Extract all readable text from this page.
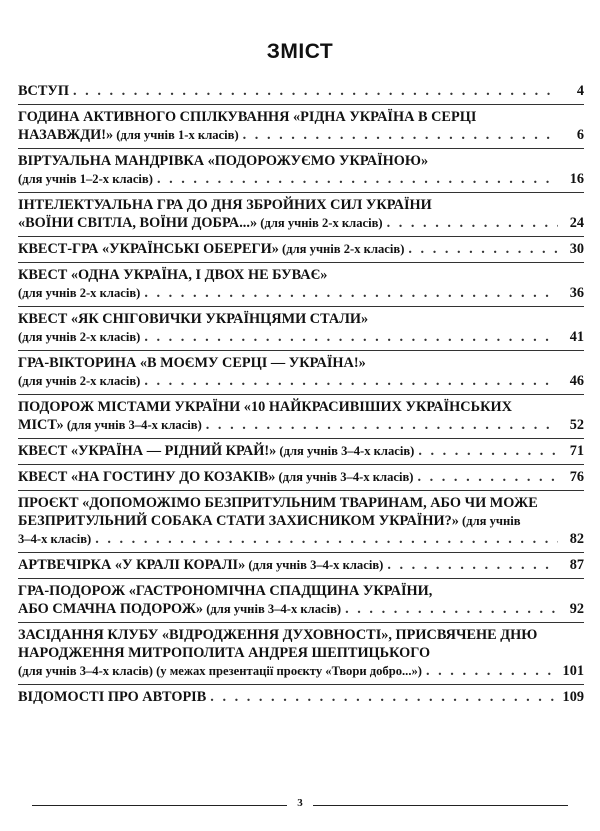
ЗМІСТ
ВСТУП . . .	4
ГОДИНА АКТИВНОГО СПІЛКУВАННЯ «РІДНА УКРАЇНА В СЕРЦІ
НАЗАВЖДИ!» (для учнів 1-х класів) . . .	6
ВІРТУАЛЬНА МАНДРІВКА «ПОДОРОЖУЄМО УКРАЇНОЮ»
(для учнів 1–2-х класів) . . .	16
ІНТЕЛЕКТУАЛЬНА ГРА ДО ДНЯ ЗБРОЙНИХ СИЛ УКРАЇНИ
«ВОЇНИ СВІТЛА, ВОЇНИ ДОБРА...» (для учнів 2-х класів) . . .	24
КВЕСТ-ГРА «УКРАЇНСЬКІ ОБЕРЕГИ» (для учнів 2-х класів) . . .	30
КВЕСТ «ОДНА УКРАЇНА, І ДВОХ НЕ БУВАЄ»
(для учнів 2-х класів) . . .	36
КВЕСТ «ЯК СНІГОВИЧКИ УКРАЇНЦЯМИ СТАЛИ»
(для учнів 2-х класів) . . .	41
ГРА-ВІКТОРИНА «В МОЄМУ СЕРЦІ — УКРАЇНА!»
(для учнів 2-х класів) . . .	46
ПОДОРОЖ МІСТАМИ УКРАЇНИ «10 НАЙКРАСИВІШИХ УКРАЇНСЬКИХ
МІСТ» (для учнів 3–4-х класів) . . .	52
КВЕСТ «УКРАЇНА — РІДНИЙ КРАЙ!» (для учнів 3–4-х класів) . . .	71
КВЕСТ «НА ГОСТИНУ ДО КОЗАКІВ» (для учнів 3–4-х класів) . . .	76
ПРОЄКТ «ДОПОМОЖІМО БЕЗПРИТУЛЬНИМ ТВАРИНАМ, АБО ЧИ МОЖЕ
БЕЗПРИТУЛЬНИЙ СОБАКА СТАТИ ЗАХИСНИКОМ УКРАЇНИ?» (для учнів
3–4-х класів) . . .	82
АРТВЕЧІРКА «У КРАЛІ КОРАЛІ» (для учнів 3–4-х класів) . . .	87
ГРА-ПОДОРОЖ «ГАСТРОНОМІЧНА СПАДЩИНА УКРАЇНИ,
АБО СМАЧНА ПОДОРОЖ» (для учнів 3–4-х класів) . . .	92
ЗАСІДАННЯ КЛУБУ «ВІДРОДЖЕННЯ ДУХОВНОСТІ», ПРИСВЯЧЕНЕ ДНЮ
НАРОДЖЕННЯ МИТРОПОЛИТА АНДРЕЯ ШЕПТИЦЬКОГО
(для учнів 3–4-х класів) (у межах презентації проєкту «Твори добро...») . . .	101
ВІДОМОСТІ ПРО АВТОРІВ . . .	109
3
